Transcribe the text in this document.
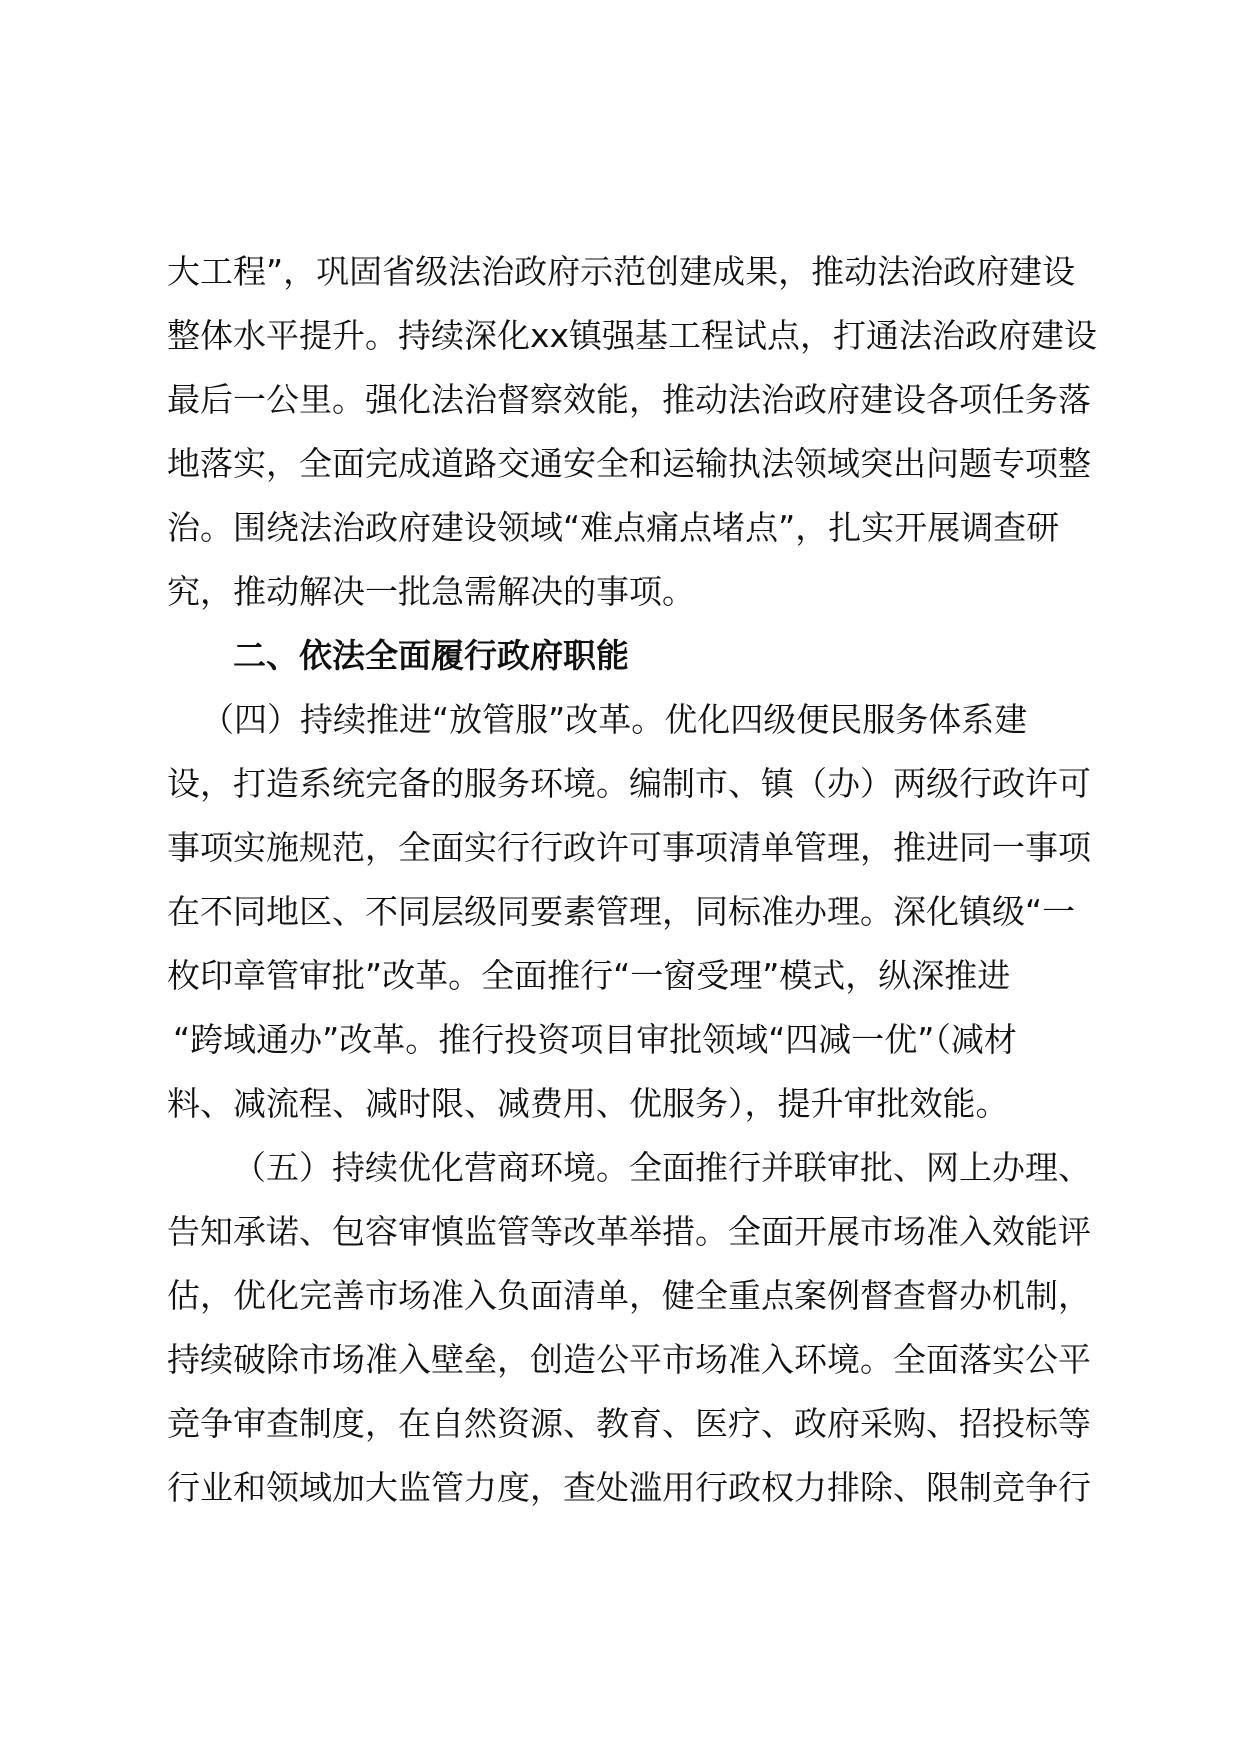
大工程”，巩固省级法治政府示范创建成果，推动法治政府建设
整体水平提升。持续深化xx镇强基工程试点，打通法治政府建设
最后一公里。强化法治督察效能，推动法治政府建设各项任务落
地落实，全面完成道路交通安全和运输执法领域突出问题专项整
治。围绕法治政府建设领域“难点痛点堵点”，扎实开展调查研
究，推动解决一批急需解决的事项。
二、依法全面履行政府职能
（四）持续推进“放管服”改革。优化四级便民服务体系建
设，打造系统完备的服务环境。编制市、镇（办）两级行政许可
事项实施规范，全面实行行政许可事项清单管理，推进同一事项
在不同地区、不同层级同要素管理，同标准办理。深化镇级“一
枚印章管审批”改革。全面推行“一窗受理”模式，纵深推进
“跨域通办”改革。推行投资项目审批领域“四减一优”（减材
料、减流程、减时限、减费用、优服务），提升审批效能。
（五）持续优化营商环境。全面推行并联审批、网上办理、
告知承诺、包容审慎监管等改革举措。全面开展市场准入效能评
估，优化完善市场准入负面清单，健全重点案例督查督办机制，
持续破除市场准入壁垒，创造公平市场准入环境。全面落实公平
竞争审查制度，在自然资源、教育、医疗、政府采购、招投标等
行业和领域加大监管力度，查处滥用行政权力排除、限制竞争行
